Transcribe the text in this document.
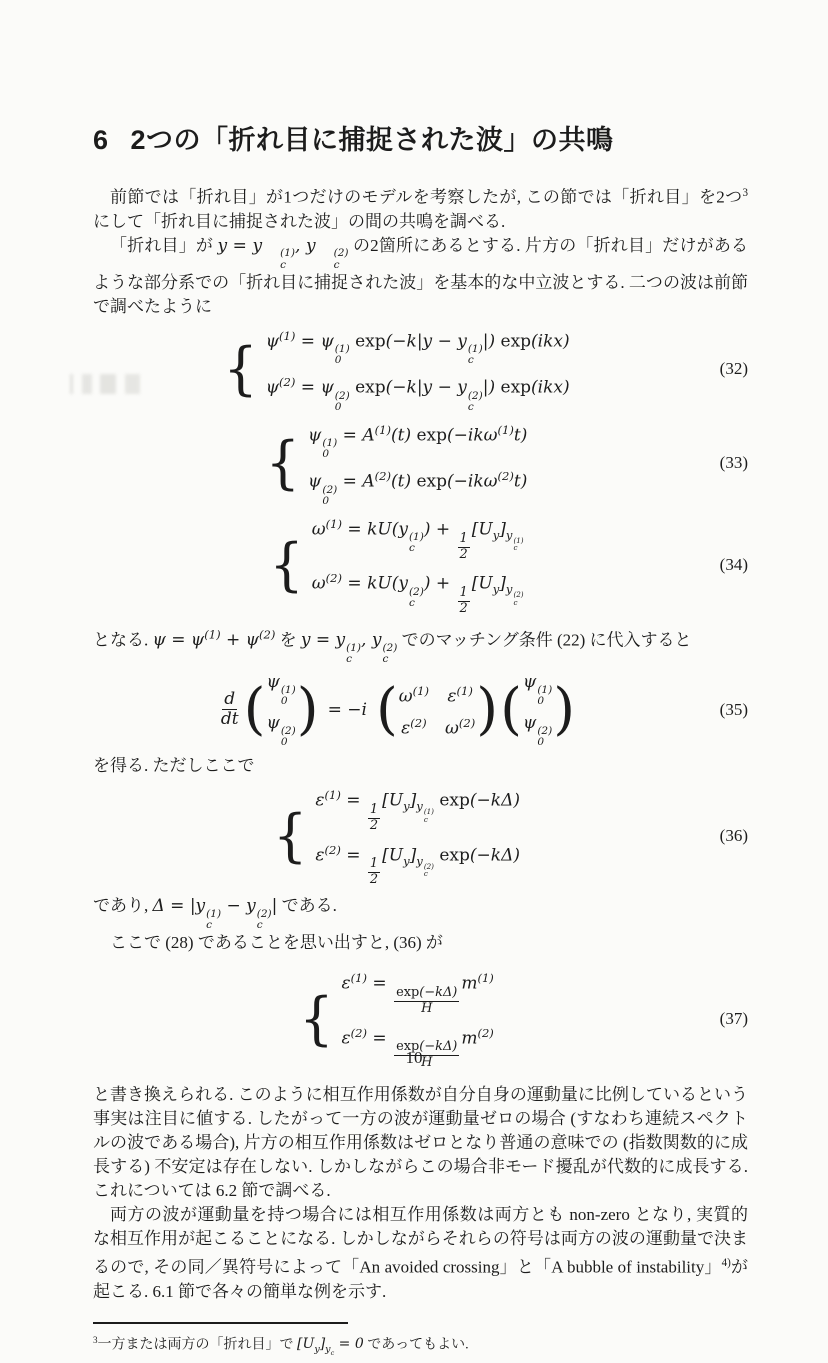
6 2つの「折れ目に捕捉された波」の共鳴

前節では「折れ目」が1つだけのモデルを考察したが, この節では「折れ目」を2つ$^3$にして「折れ目に捕捉された波」の間の共鳴を調べる.

「折れ目」が y = y	(1)
c
, y	(2)
c
の2箇所にあるとする. 片方の「折れ目」だけがあるような部分系での「折れ目に捕捉された波」を基本的な中立波とする. 二つの波は前節で調べたように

{ $\psi^{(1)} = \psi$ (1)
0
exp(−k|y − y (1)
c
|) exp(ikx)
$\psi^{(2)} = \psi$ (2)
0
exp(−k|y − y (2)
c
|) exp(ikx)
(32)
{ ψ (1)
0
= $A^{(1)}(t)$ exp(−ikω$^{(1)}$t)
ψ (2)
0
= $A^{(2)}(t)$ exp(−ikω$^{(2)}$t)
(33)
{
$\omega^{(1)} = kU(y$ (1)
c
) +
$\frac{1}{2}$
$[U_y]_{y (1) c}$
$\omega^{(2)} = kU(y$ (2)
c
) +
$\frac{1}{2}$
$[U_y]_{y (2) c}$
(34)

となる. $\psi = \psi^{(1)} + \psi^{(2)}$ を y = y (1)
c
, y (2)
c
でのマッチング条件 (22) に代入すると

d
dt ( ψ (1)
0
ψ (2)
0
) = −i ( $\omega^{(1)}$ $\varepsilon^{(1)}$
$\varepsilon^{(2)}$ $\omega^{(2)}$ ) ( ψ (1)
0
ψ (2)
0
)	(35)

を得る. ただしここで

{
$\varepsilon^{(1)}$ =
$\frac{1}{2}$
$[U_y]_{y (1) c}$
exp(−kΔ)
$\varepsilon^{(2)}$ =
$\frac{1}{2}$
$[U_y]_{y (2) c}$
exp(−kΔ)
(36)

であり, Δ = |y (1)
c
− y (2)
c
| である.

ここで (28) であることを思い出すと, (36) が

{
$\varepsilon^{(1)}$ =
$\frac{\exp(-k\Delta)}{H}$
$m^{(1)}$
$\varepsilon^{(2)}$ =
$\frac{\exp(-k\Delta)}{H}$
$m^{(2)}$
(37)

と書き換えられる. このように相互作用係数が自分自身の運動量に比例しているという事実は注目に値する. したがって一方の波が運動量ゼロの場合 (すなわち連続スペクトルの波である場合), 片方の相互作用係数はゼロとなり普通の意味での (指数関数的に成長する) 不安定は存在しない. しかしながらこの場合非モード擾乱が代数的に成長する. これについては 6.2 節で調べる.

両方の波が運動量を持つ場合には相互作用係数は両方とも non-zero となり, 実質的な相互作用が起こることになる. しかしながらそれらの符号は両方の波の運動量で決まるので, その同／異符号によって「An avoided crossing」と「A bubble of instability」$^{4)}$が起こる. 6.1 節で各々の簡単な例を示す.

$^3$一方または両方の「折れ目」で $[U_y]_{y_c} = 0$ であってもよい.

10
